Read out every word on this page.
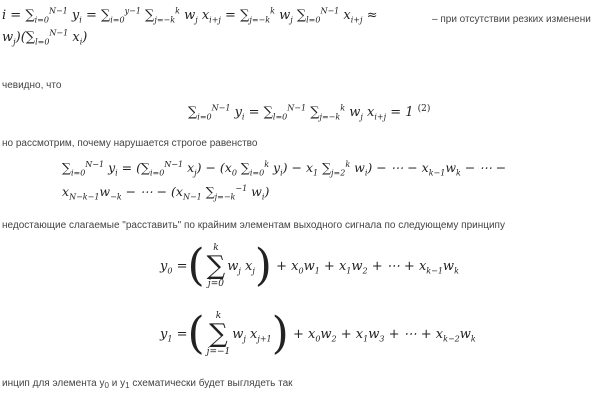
$i = \sum_{i=0}^{N-1}$ $y_i = \sum_{i=0}^{y-1}$ $\sum_{j=-k}^k$ $w_j$ $x_{i+j} = \sum_{j=-k}^k$ $w_j$ $\sum_{l=0}^{N-1}$ $x_{i+j}$ ≈
$w_j)(\sum_{l=0}^{N-1}$ $x_i$)
– при отсутствии резких изменени
чевидно, что
$\sum_{i=0}^{N-1}$ $y_i = \sum_{l=0}^{N-1}$ $\sum_{j=-k}^k$ $w_j$ $x_{i+j} = 1$ $^{(2)}$
но рассмотрим, почему нарушается строгое равенство
$\sum_{i=0}^{N-1}$ $y_i = (\sum_{i=0}^{N-1}$ $x_j) - (x_0$ $\sum_{i=0}^k$ $y_i) - x_1$ $\sum_{j=2}^k$ $w_i$) − ⋯ − $x_{k-1}w_k$ − ⋯ −
$x_{N-k-1}w_{-k}$ − ⋯ − ($x_{N-1}$ $\sum_{j=-k}^{-1}$ $w_i$)
недостающие слагаемые "расставить" по крайним элементам выходного сигнала по следующему принципу
$y_0$ = ( k
∑
j=0
$w_j$ $x_j$ ) + $x_0w_1 + x_1w_2$ + ⋯ + $x_{k-1}w_k$
$y_1$ = ( k
∑
j=−1
$w_j$ $x_{j+1}$ ) + $x_0w_2 + x_1w_3$ + ⋯ + $x_{k-2}w_k$
инцип для элемента $y_0$ и $y_1$ схематически будет выглядеть так
